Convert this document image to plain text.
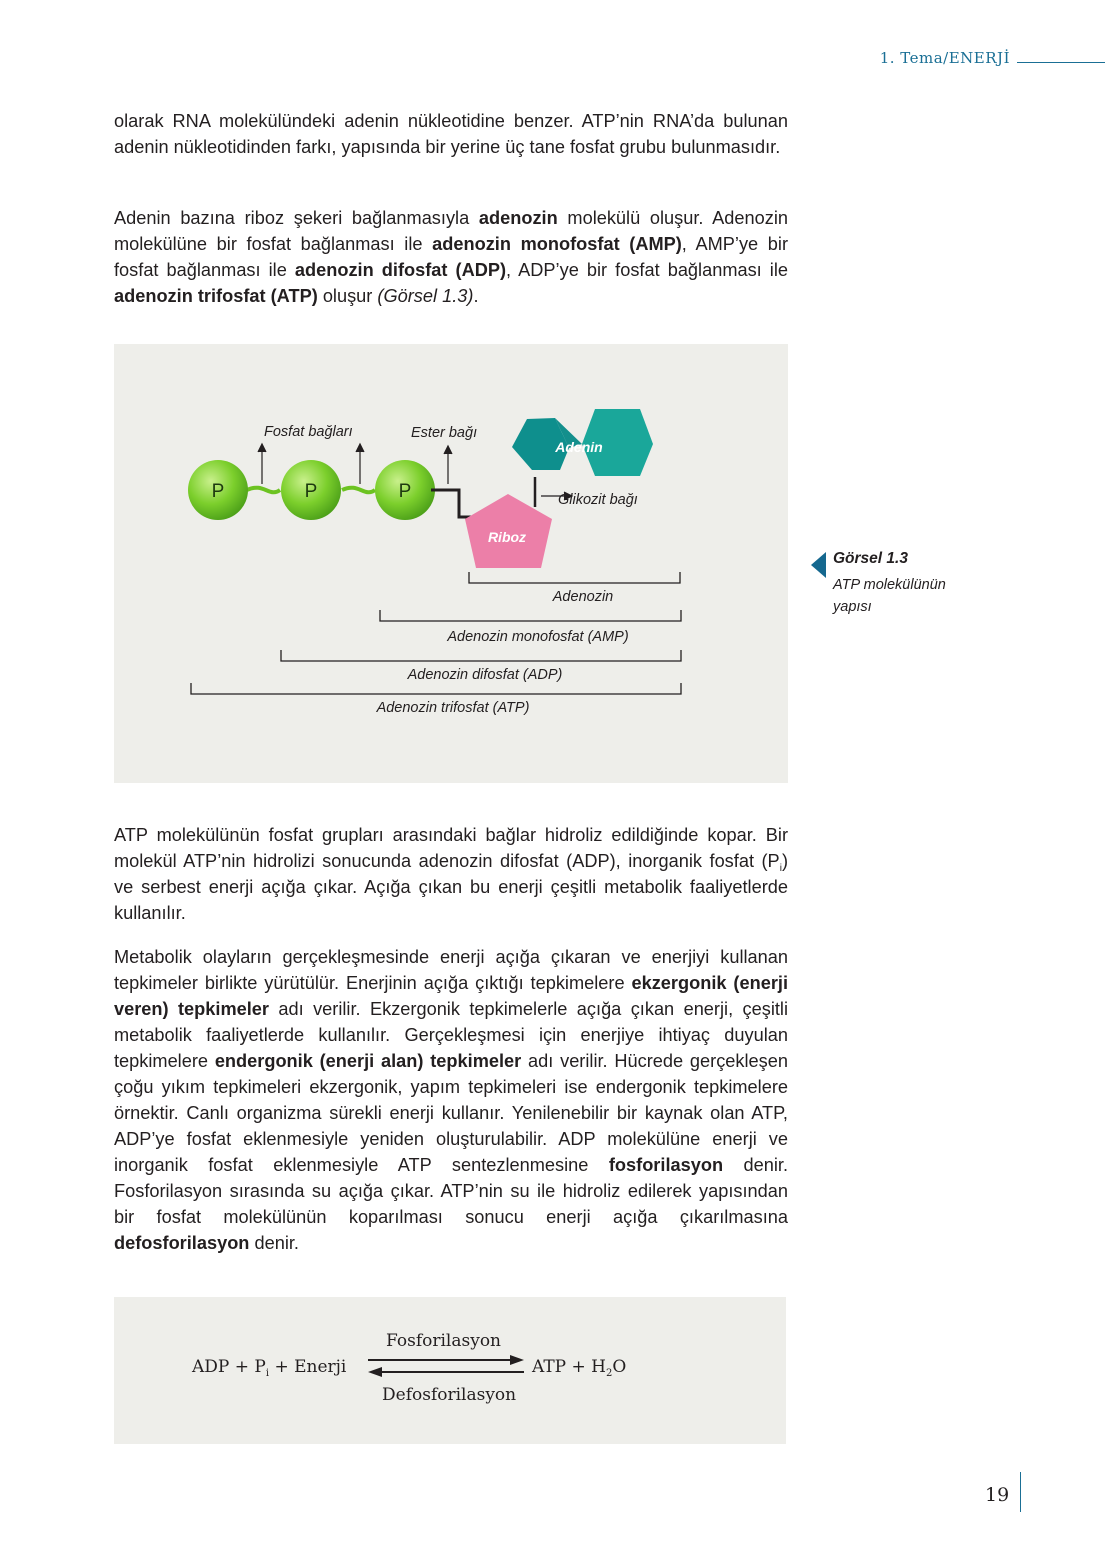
1. Tema/ENERJİ

olarak RNA molekülündeki adenin nükleotidine benzer. ATP’nin RNA’da bulunan adenin nükleotidinden farkı, yapısında bir yerine üç tane fosfat grubu bulunmasıdır.

Adenin bazına riboz şekeri bağlanmasıyla adenozin molekülü oluşur. Adenozin molekülüne bir fosfat bağlanması ile adenozin monofosfat (AMP), AMP’ye bir fosfat bağlanması ile adenozin difosfat (ADP), ADP’ye bir fosfat bağlanması ile adenozin trifosfat (ATP) oluşur (Görsel 1.3).

P	P	P
Fosfat bağları	Ester bağı
Riboz
Adenin
Glikozit bağı
Adenozin
Adenozin monofosfat (AMP)
Adenozin difosfat (ADP)
Adenozin trifosfat (ATP)
Görsel 1.3
ATP molekülünün yapısı

ATP molekülünün fosfat grupları arasındaki bağlar hidroliz edildiğinde kopar. Bir molekül ATP’nin hidrolizi sonucunda adenozin difosfat (ADP), inorganik fosfat $(P_i)$ ve serbest enerji açığa çıkar. Açığa çıkan bu enerji çeşitli metabolik faaliyetlerde kullanılır.

Metabolik olayların gerçekleşmesinde enerji açığa çıkaran ve enerjiyi kullanan tepkimeler birlikte yürütülür. Enerjinin açığa çıktığı tepkimelere ekzergonik (enerji veren) tepkimeler adı verilir. Ekzergonik tepkimelerle açığa çıkan enerji, çeşitli metabolik faaliyetlerde kullanılır. Gerçekleşmesi için enerjiye ihtiyaç duyulan tepkimelere endergonik (enerji alan) tepkimeler adı verilir. Hücrede gerçekleşen çoğu yıkım tepkimeleri ekzergonik, yapım tepkimeleri ise endergonik tepkimelere örnektir. Canlı organizma sürekli enerji kullanır. Yenilenebilir bir kaynak olan ATP, ADP’ye fosfat eklenmesiyle yeniden oluşturulabilir. ADP molekülüne enerji ve inorganik fosfat eklenmesiyle ATP sentezlenmesine fosforilasyon denir. Fosforilasyon sırasında su açığa çıkar. ATP’nin su ile hidroliz edilerek yapısından bir fosfat molekülünün koparılması sonucu enerji açığa çıkarılmasına defosforilasyon denir.

Fosforilasyon
ADP + $P_i$ + Enerji	ATP + $H_2O$
Defosforilasyon
19
